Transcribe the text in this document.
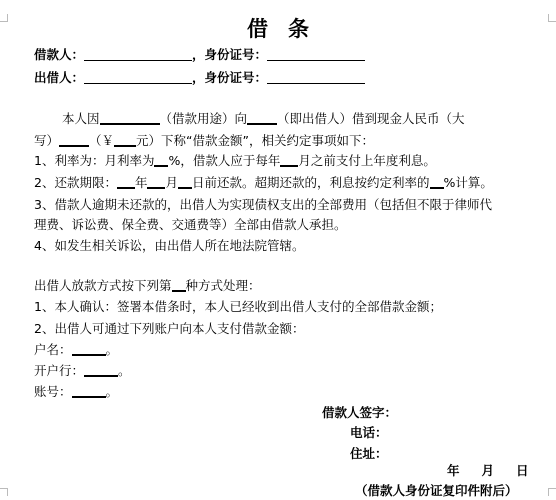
借条
借款人：	，身份证号：
出借人：	，身份证号：
本人因	（借款用途）向 （即出借人）借到现金人民币（大
写） （￥ 元）下称“借款金额”，相关约定事项如下：
1、利率为：月利率为 %，借款人应于每年 月之前支付上年度利息。
2、还款期限： 年 月 日前还款。超期还款的，利息按约定利率的 %计算。
3、借款人逾期未还款的，出借人为实现债权支出的全部费用（包括但不限于律师代
理费、诉讼费、保全费、交通费等）全部由借款人承担。
4、如发生相关诉讼，由出借人所在地法院管辖。
出借人放款方式按下列第 种方式处理：
1、本人确认：签署本借条时，本人已经收到出借人支付的全部借款金额；
2、出借人可通过下列账户向本人支付借款金额：
户名：	。
开户行：	。
账号：	。
借款人签字：
电话：
住址：
年 月 日
（借款人身份证复印件附后）
